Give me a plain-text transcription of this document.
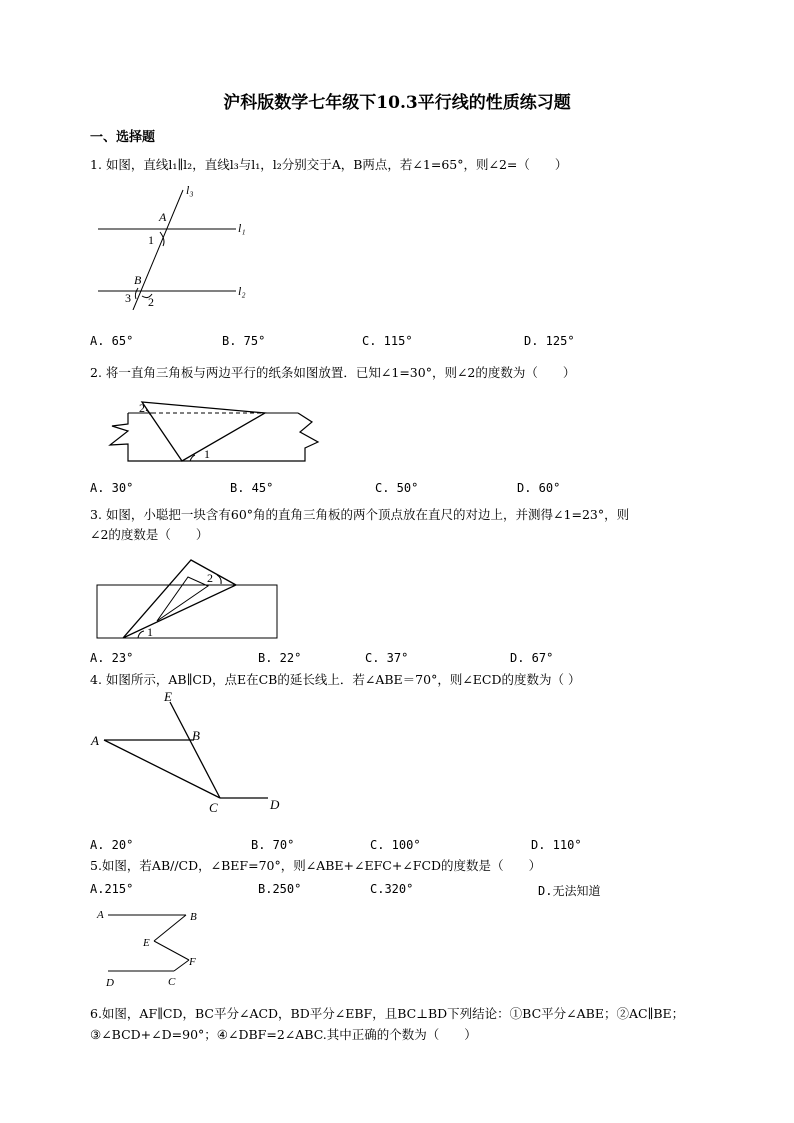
沪科版数学七年级下10.3平行线的性质练习题
一、选择题
1. 如图，直线l₁∥l₂，直线l₃与l₁，l₂分别交于A，B两点，若∠1=65°，则∠2=（　　）
l₃
l₁
l₂
A
B
1
2
3
A. 65°	B. 75°	C. 115°	D. 125°
2. 将一直角三角板与两边平行的纸条如图放置．已知∠1=30°，则∠2的度数为（　　）
1
2
A. 30°	B. 45°	C. 50°	D. 60°
3. 如图，小聪把一块含有60°角的直角三角板的两个顶点放在直尺的对边上，并测得∠1=23°，则
∠2的度数是（　　）
1
2
A. 23°	B. 22°	C. 37°	D. 67°
4. 如图所示，AB∥CD，点E在CB的延长线上．若∠ABE＝70°，则∠ECD的度数为（ ）
E
A	B
C	D
A. 20°	B. 70°	C. 100°	D. 110°
5.如图，若AB//CD，∠BEF=70°，则∠ABE+∠EFC+∠FCD的度数是（　　）
A.215°	B.250°	C.320°	D.无法知道
A	B
E
F
D	C
6.如图，AF∥CD，BC平分∠ACD，BD平分∠EBF，且BC⊥BD下列结论：①BC平分∠ABE；②AC∥BE；
③∠BCD+∠D=90°；④∠DBF=2∠ABC.其中正确的个数为（　　）
